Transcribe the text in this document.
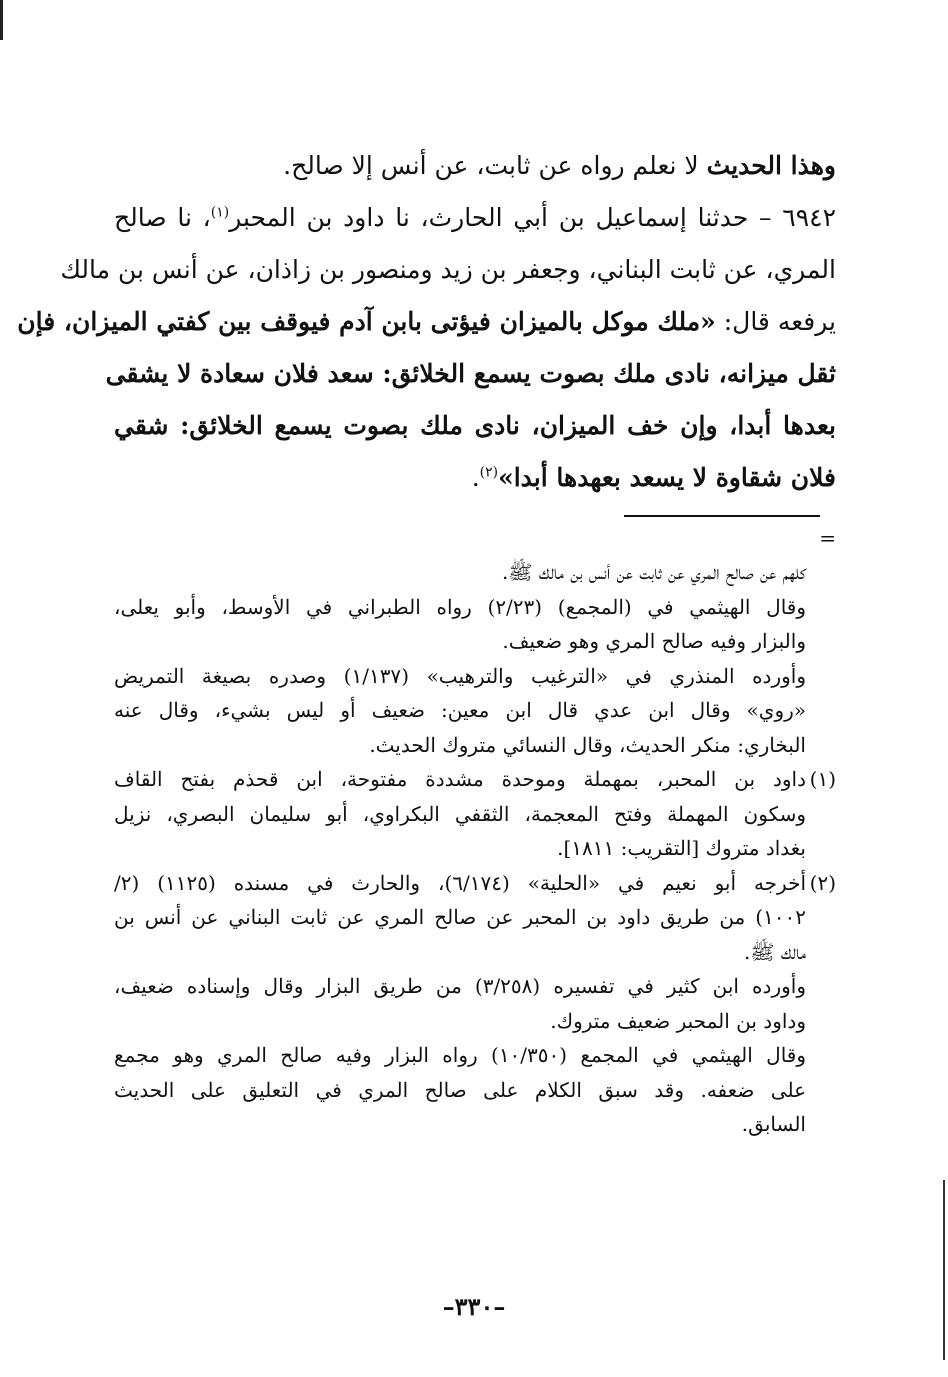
وهذا الحديث لا نعلم رواه عن ثابت، عن أنس إلا صالح.
٦٩٤٢ – حدثنا إسماعيل بن أبي الحارث، نا داود بن المحبر$^{(١)}$، نا صالح
المري، عن ثابت البناني، وجعفر بن زيد ومنصور بن زاذان، عن أنس بن مالك
يرفعه قال: «ملك موكل بالميزان فيؤتى بابن آدم فيوقف بين كفتي الميزان، فإن
ثقل ميزانه، نادى ملك بصوت يسمع الخلائق: سعد فلان سعادة لا يشقى
بعدها أبدا، وإن خف الميزان، نادى ملك بصوت يسمع الخلائق: شقي
فلان شقاوة لا يسعد بعهدها أبدا»$^{(٢)}$.
=
كلهم عن صالح المري عن ثابت عن أنس بن مالك ﷺ.
وقال الهيثمي في (المجمع) (٢/٢٣) رواه الطبراني في الأوسط، وأبو يعلى،
والبزار وفيه صالح المري وهو ضعيف.
وأورده المنذري في «الترغيب والترهيب» (١/١٣٧) وصدره بصيغة التمريض
«روي» وقال ابن عدي قال ابن معين: ضعيف أو ليس بشيء، وقال عنه
البخاري: منكر الحديث، وقال النسائي متروك الحديث.
(١)
داود بن المحبر، بمهملة وموحدة مشددة مفتوحة، ابن قحذم بفتح القاف
وسكون المهملة وفتح المعجمة، الثقفي البكراوي، أبو سليمان البصري، نزيل
بغداد متروك [التقريب: ١٨١١].
(٢)
أخرجه أبو نعيم في «الحلية» (٦/١٧٤)، والحارث في مسنده (١١٢٥) (٢/
١٠٠٢) من طريق داود بن المحبر عن صالح المري عن ثابت البناني عن أنس بن
مالك ﷺ.
وأورده ابن كثير في تفسيره (٣/٢٥٨) من طريق البزار وقال وإسناده ضعيف،
وداود بن المحبر ضعيف متروك.
وقال الهيثمي في المجمع (١٠/٣٥٠) رواه البزار وفيه صالح المري وهو مجمع
على ضعفه. وقد سبق الكلام على صالح المري في التعليق على الحديث
السابق.
–٣٣٠–
